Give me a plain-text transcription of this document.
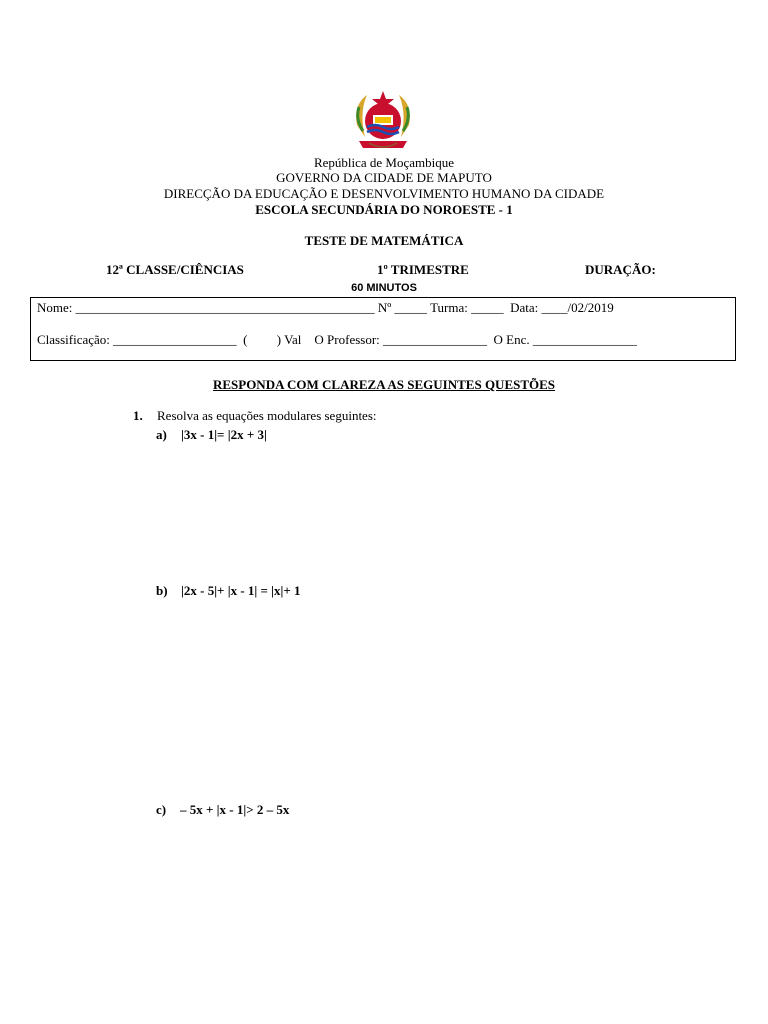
República de Moçambique
GOVERNO DA CIDADE DE MAPUTO
DIRECÇÃO DA EDUCAÇÃO E DESENVOLVIMENTO HUMANO DA CIDADE
ESCOLA SECUNDÁRIA DO NOROESTE - 1
TESTE DE MATEMÁTICA
12ª CLASSE/CIÊNCIAS	1º TRIMESTRE	DURAÇÃO:
60 MINUTOS
Nome: ______________________________________________ Nº _____ Turma: _____  Data: ____/02/2019
Classificação: ___________________  (         ) Val    O Professor: ________________  O Enc. ________________
RESPONDA COM CLAREZA AS SEGUINTES QUESTÕES
1. Resolva as equações modulares seguintes:
a) |3x - 1|= |2x + 3|
b) |2x - 5|+ |x - 1| = |x|+ 1
c) – 5x + |x - 1|> 2 – 5x
